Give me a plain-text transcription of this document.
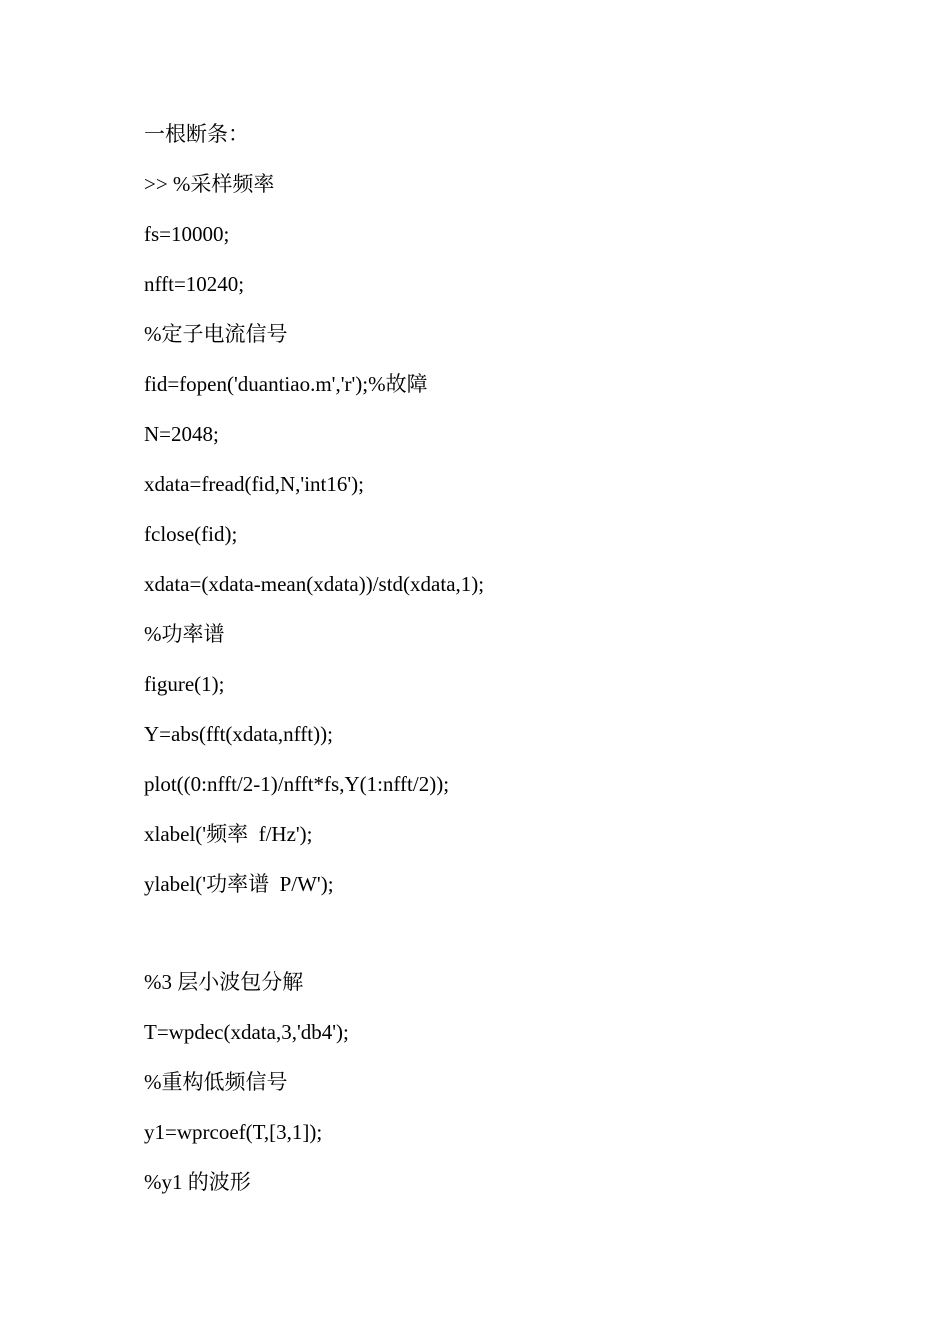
一根断条：
>> %采样频率
fs=10000;
nfft=10240;
%定子电流信号
fid=fopen('duantiao.m','r');%故障
N=2048;
xdata=fread(fid,N,'int16');
fclose(fid);
xdata=(xdata-mean(xdata))/std(xdata,1);
%功率谱
figure(1);
Y=abs(fft(xdata,nfft));
plot((0:nfft/2-1)/nfft*fs,Y(1:nfft/2));
xlabel('频率  f/Hz');
ylabel('功率谱  P/W');
%3 层小波包分解
T=wpdec(xdata,3,'db4');
%重构低频信号
y1=wprcoef(T,[3,1]);
%y1 的波形
